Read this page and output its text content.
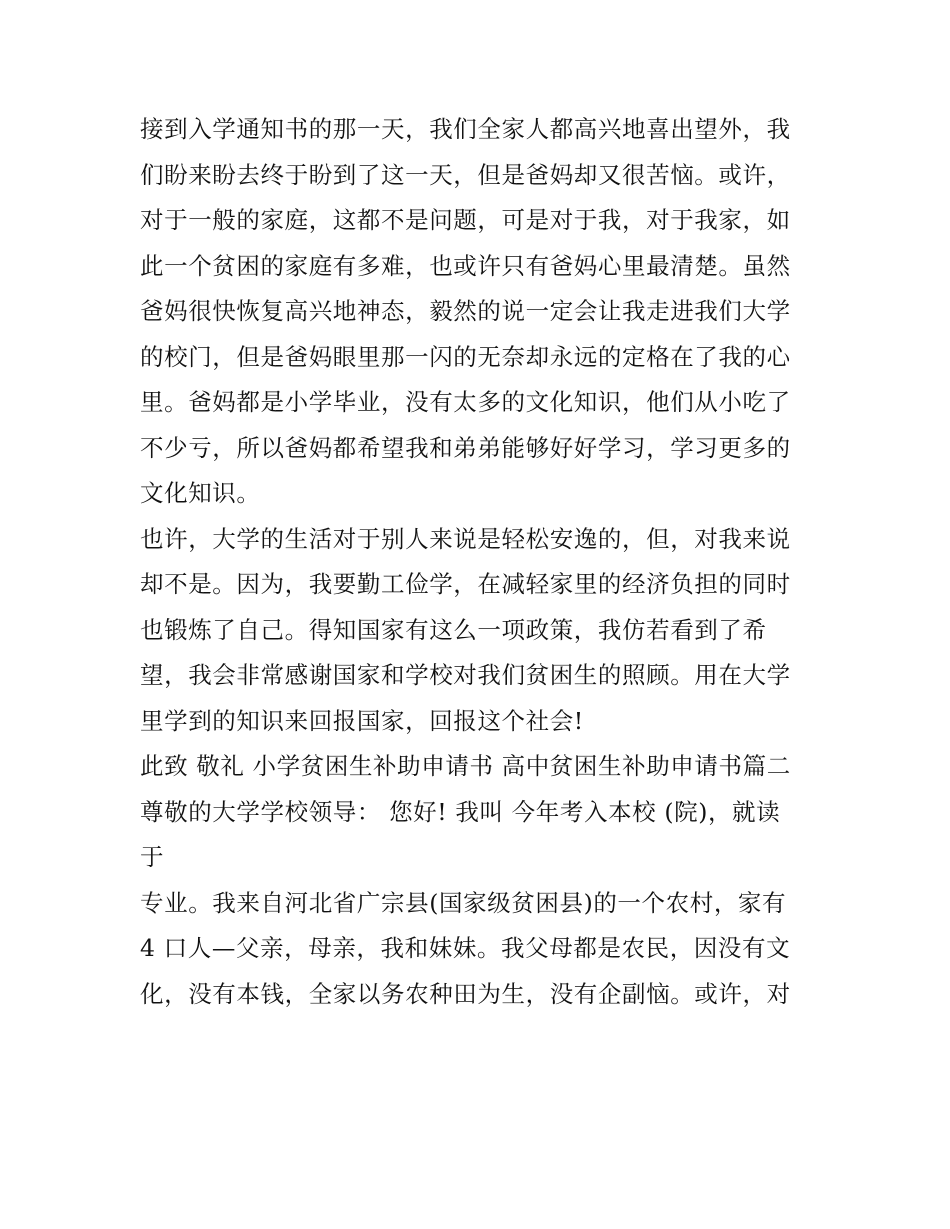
接到入学通知书的那一天，我们全家人都高兴地喜出望外，我
们盼来盼去终于盼到了这一天，但是爸妈却又很苦恼。或许，
对于一般的家庭，这都不是问题，可是对于我，对于我家，如
此一个贫困的家庭有多难，也或许只有爸妈心里最清楚。虽然
爸妈很快恢复高兴地神态，毅然的说一定会让我走进我们大学
的校门，但是爸妈眼里那一闪的无奈却永远的定格在了我的心
里。爸妈都是小学毕业，没有太多的文化知识，他们从小吃了
不少亏，所以爸妈都希望我和弟弟能够好好学习，学习更多的
文化知识。
也许，大学的生活对于别人来说是轻松安逸的，但，对我来说
却不是。因为，我要勤工俭学，在减轻家里的经济负担的同时
也锻炼了自己。得知国家有这么一项政策，我仿若看到了希
望，我会非常感谢国家和学校对我们贫困生的照顾。用在大学
里学到的知识来回报国家，回报这个社会!
此致 敬礼 小学贫困生补助申请书 高中贫困生补助申请书篇二
尊敬的大学学校领导： 您好! 我叫 今年考入本校 (院)，就读
于
专业。我来自河北省广宗县(国家级贫困县)的一个农村，家有
4 口人—父亲，母亲，我和妹妹。我父母都是农民，因没有文
化，没有本钱，全家以务农种田为生，没有企副恼。或许，对
